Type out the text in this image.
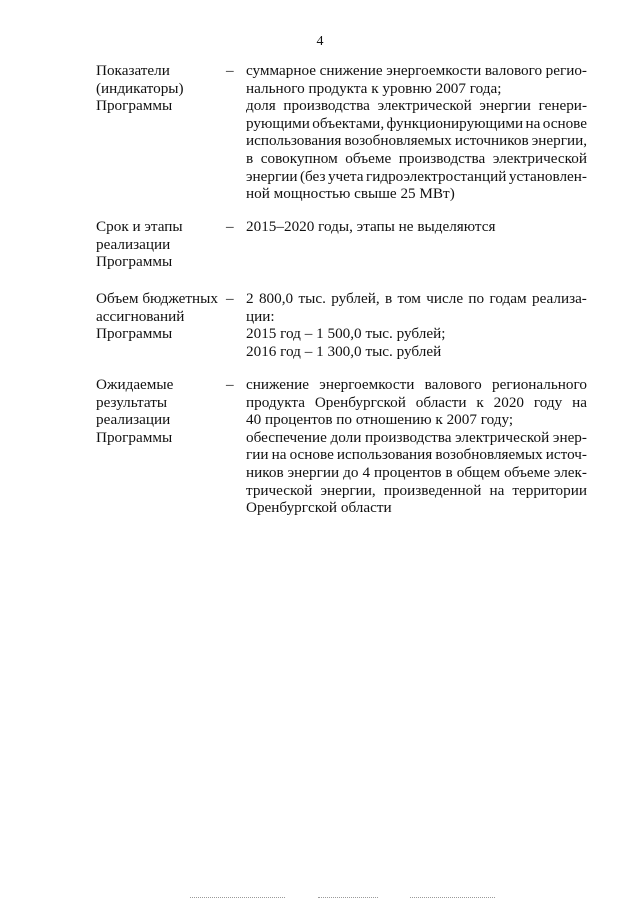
4
Показатели
(индикаторы)
Программы
– суммарное снижение энергоемкости валового регио-
нального продукта к уровню 2007 года;
доля производства электрической энергии генери-
рующими объектами, функционирующими на основе
использования возобновляемых источников энергии,
в совокупном объеме производства электрической
энергии (без учета гидроэлектростанций установлен-
ной мощностью свыше 25 МВт)
Срок и этапы
реализации
Программы
– 2015–2020 годы, этапы не выделяются
Объем бюджетных
ассигнований
Программы
– 2 800,0 тыс. рублей, в том числе по годам реализа-
ции:
2015 год – 1 500,0 тыс. рублей;
2016 год – 1 300,0 тыс. рублей
Ожидаемые
результаты
реализации
Программы
– снижение энергоемкости валового регионального
продукта Оренбургской области к 2020 году на
40 процентов по отношению к 2007 году;
обеспечение доли производства электрической энер-
гии на основе использования возобновляемых источ-
ников энергии до 4 процентов в общем объеме элек-
трической энергии, произведенной на территории
Оренбургской области
